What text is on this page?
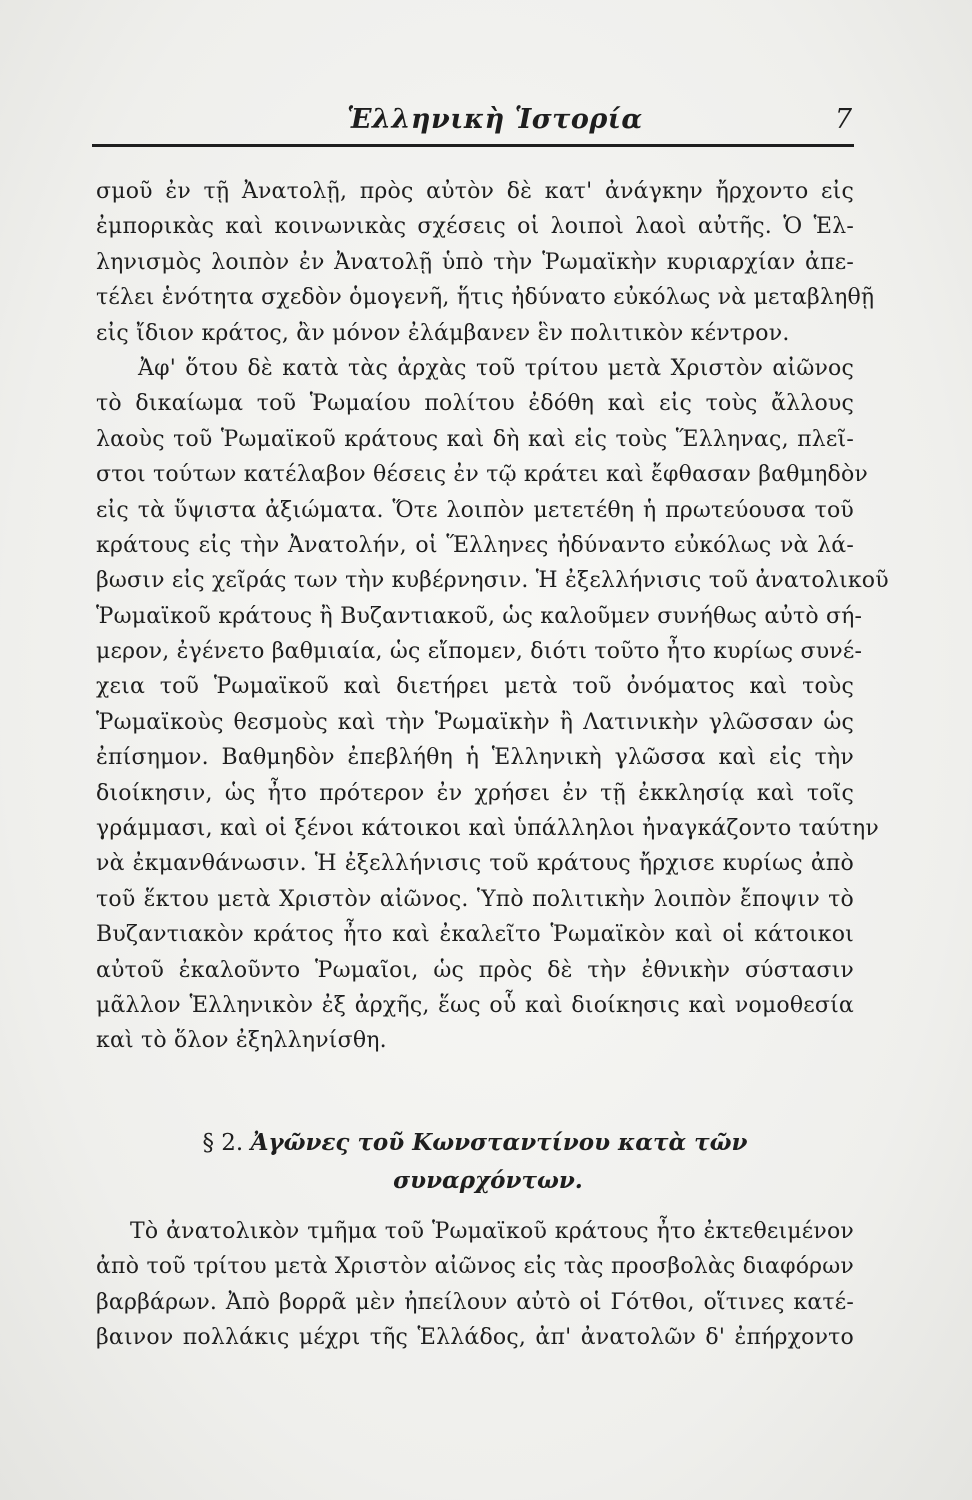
Ἑλληνικὴ Ἱστορία	7
σμοῦ ἐν τῇ Ἀνατολῇ, πρὸς αὐτὸν δὲ κατ' ἀνάγκην ἤρχοντο εἰς
ἐμπορικὰς καὶ κοινωνικὰς σχέσεις οἱ λοιποὶ λαοὶ αὐτῆς. Ὁ Ἑλ-
ληνισμὸς λοιπὸν ἐν Ἀνατολῇ ὑπὸ τὴν Ῥωμαϊκὴν κυριαρχίαν ἀπε-
τέλει ἑνότητα σχεδὸν ὁμογενῆ, ἥτις ἠδύνατο εὐκόλως νὰ μεταβληθῇ
εἰς ἴδιον κράτος, ἂν μόνον ἐλάμβανεν ἓν πολιτικὸν κέντρον.
Ἀφ' ὅτου δὲ κατὰ τὰς ἀρχὰς τοῦ τρίτου μετὰ Χριστὸν αἰῶνος
τὸ δικαίωμα τοῦ Ῥωμαίου πολίτου ἐδόθη καὶ εἰς τοὺς ἄλλους
λαοὺς τοῦ Ῥωμαϊκοῦ κράτους καὶ δὴ καὶ εἰς τοὺς Ἕλληνας, πλεῖ-
στοι τούτων κατέλαβον θέσεις ἐν τῷ κράτει καὶ ἔφθασαν βαθμηδὸν
εἰς τὰ ὕψιστα ἀξιώματα. Ὅτε λοιπὸν μετετέθη ἡ πρωτεύουσα τοῦ
κράτους εἰς τὴν Ἀνατολήν, οἱ Ἕλληνες ἠδύναντο εὐκόλως νὰ λά-
βωσιν εἰς χεῖράς των τὴν κυβέρνησιν. Ἡ ἐξελλήνισις τοῦ ἀνατολικοῦ
Ῥωμαϊκοῦ κράτους ἢ Βυζαντιακοῦ, ὡς καλοῦμεν συνήθως αὐτὸ σή-
μερον, ἐγένετο βαθμιαία, ὡς εἴπομεν, διότι τοῦτο ἦτο κυρίως συνέ-
χεια τοῦ Ῥωμαϊκοῦ καὶ διετήρει μετὰ τοῦ ὀνόματος καὶ τοὺς
Ῥωμαϊκοὺς θεσμοὺς καὶ τὴν Ῥωμαϊκὴν ἢ Λατινικὴν γλῶσσαν ὡς
ἐπίσημον. Βαθμηδὸν ἐπεβλήθη ἡ Ἑλληνικὴ γλῶσσα καὶ εἰς τὴν
διοίκησιν, ὡς ἦτο πρότερον ἐν χρήσει ἐν τῇ ἐκκλησίᾳ καὶ τοῖς
γράμμασι, καὶ οἱ ξένοι κάτοικοι καὶ ὑπάλληλοι ἠναγκάζοντο ταύτην
νὰ ἐκμανθάνωσιν. Ἡ ἐξελλήνισις τοῦ κράτους ἤρχισε κυρίως ἀπὸ
τοῦ ἕκτου μετὰ Χριστὸν αἰῶνος. Ὑπὸ πολιτικὴν λοιπὸν ἔποψιν τὸ
Βυζαντιακὸν κράτος ἦτο καὶ ἐκαλεῖτο Ῥωμαϊκὸν καὶ οἱ κάτοικοι
αὐτοῦ ἐκαλοῦντο Ῥωμαῖοι, ὡς πρὸς δὲ τὴν ἐθνικὴν σύστασιν
μᾶλλον Ἑλληνικὸν ἐξ ἀρχῆς, ἕως οὗ καὶ διοίκησις καὶ νομοθεσία
καὶ τὸ ὅλον ἐξηλληνίσθη.
§ 2. Ἀγῶνες τοῦ Κωνσταντίνου κατὰ τῶν
συναρχόντων.
Τὸ ἀνατολικὸν τμῆμα τοῦ Ῥωμαϊκοῦ κράτους ἦτο ἐκτεθειμένον
ἀπὸ τοῦ τρίτου μετὰ Χριστὸν αἰῶνος εἰς τὰς προσβολὰς διαφόρων
βαρβάρων. Ἀπὸ βορρᾶ μὲν ἠπείλουν αὐτὸ οἱ Γότθοι, οἵτινες κατέ-
βαινον πολλάκις μέχρι τῆς Ἑλλάδος, ἀπ' ἀνατολῶν δ' ἐπήρχοντο
